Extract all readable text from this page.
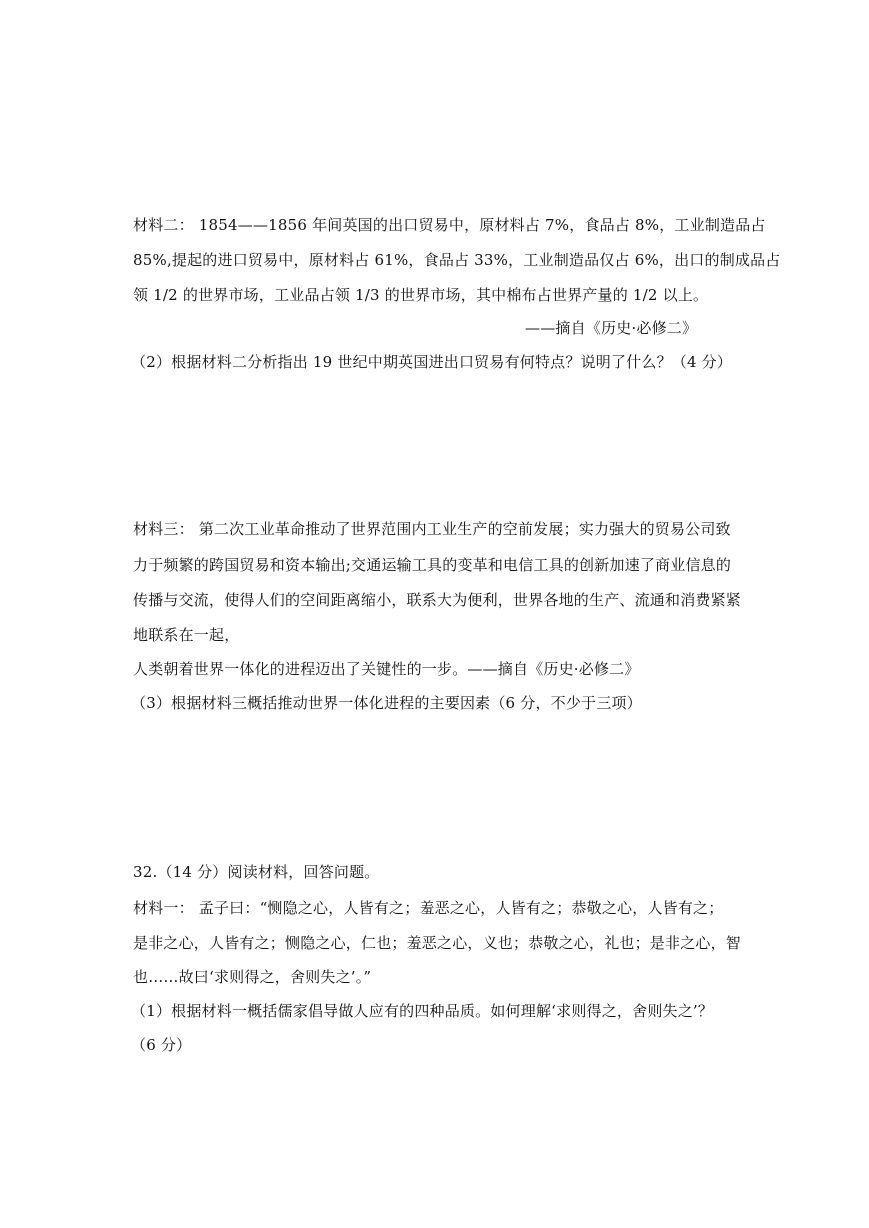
材料二： 1854——1856 年间英国的出口贸易中，原材料占 7%，食品占 8%，工业制造品占
85%,提起的进口贸易中，原材料占 61%，食品占 33%，工业制造品仅占 6%，出口的制成品占
领 1/2 的世界市场，工业品占领 1/3 的世界市场，其中棉布占世界产量的 1/2 以上。
——摘自《历史·必修二》
（2）根据材料二分析指出 19 世纪中期英国进出口贸易有何特点？说明了什么？（4 分）
材料三： 第二次工业革命推动了世界范围内工业生产的空前发展；实力强大的贸易公司致
力于频繁的跨国贸易和资本输出;交通运输工具的变革和电信工具的创新加速了商业信息的
传播与交流，使得人们的空间距离缩小，联系大为便利，世界各地的生产、流通和消费紧紧
地联系在一起，
人类朝着世界一体化的进程迈出了关键性的一步。——摘自《历史·必修二》
（3）根据材料三概括推动世界一体化进程的主要因素（6 分，不少于三项）
32.（14 分）阅读材料，回答问题。
材料一： 孟子曰：“恻隐之心，人皆有之；羞恶之心，人皆有之；恭敬之心，人皆有之；
是非之心，人皆有之；恻隐之心，仁也；羞恶之心，义也；恭敬之心，礼也；是非之心，智
也……故曰‘求则得之，舍则失之’。”
（1）根据材料一概括儒家倡导做人应有的四种品质。如何理解‘求则得之，舍则失之’？
（6 分）
